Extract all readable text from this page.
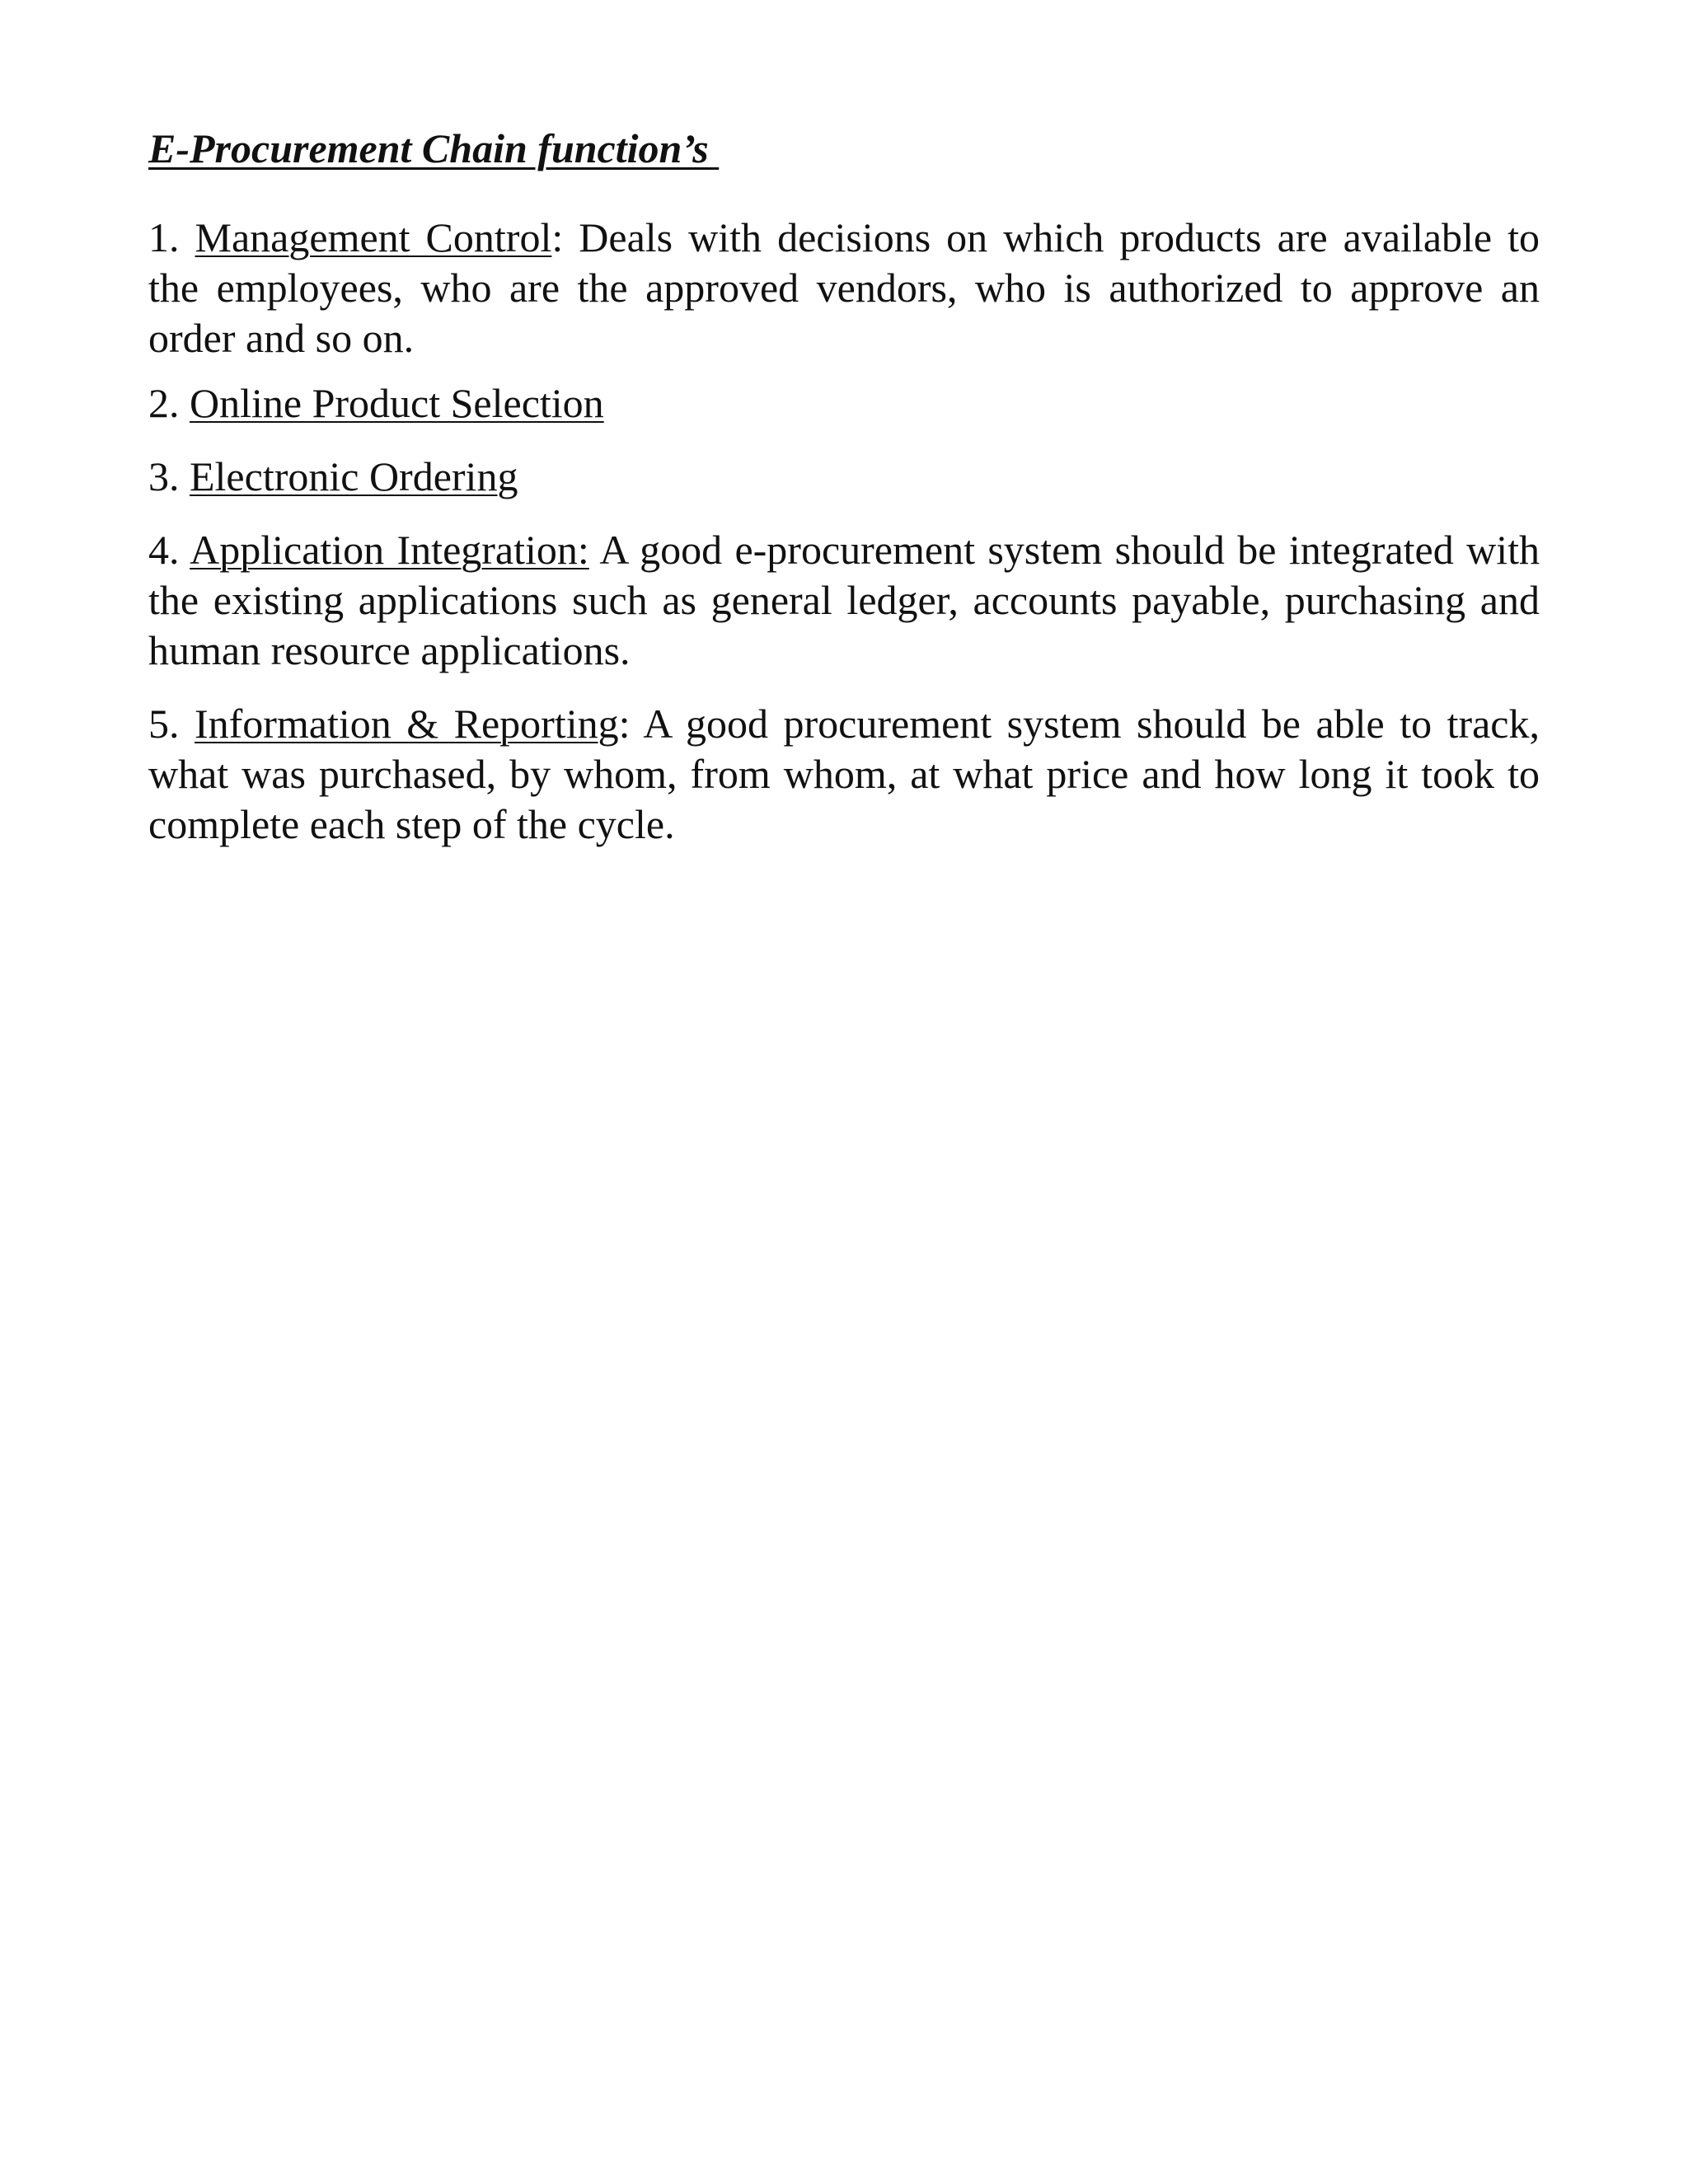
E-Procurement Chain function’s

1. Management Control: Deals with decisions on which products are available to the employees, who are the approved vendors, who is authorized to approve an order and so on.

2. Online Product Selection

3. Electronic Ordering

4. Application Integration: A good e-procurement system should be integrated with the existing applications such as general ledger, accounts payable, purchasing and human resource applications.

5. Information & Reporting: A good procurement system should be able to track, what was purchased, by whom, from whom, at what price and how long it took to complete each step of the cycle.
